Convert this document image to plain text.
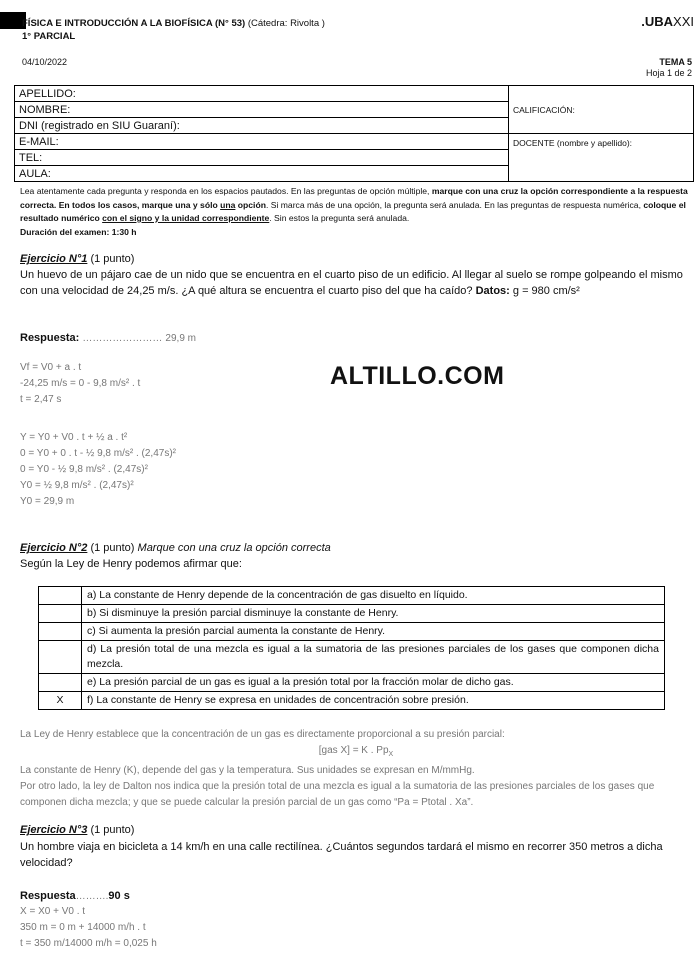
FÍSICA E INTRODUCCIÓN A LA BIOFÍSICA (N° 53) (Cátedra: Rivolta )
1° PARCIAL
.UBAXXI
04/10/2022	TEMA 5
Hoja 1 de 2
APELLIDO:	CALIFICACIÓN:
NOMBRE:	
DNI (registrado en SIU Guaraní):	
E-MAIL:	DOCENTE (nombre y apellido):
TEL:	
AULA:	
Lea atentamente cada pregunta y responda en los espacios pautados. En las preguntas de opción múltiple, marque con una cruz la opción correspondiente a la respuesta correcta. En todos los casos, marque una y sólo una opción. Si marca más de una opción, la pregunta será anulada. En las preguntas de respuesta numérica, coloque el resultado numérico con el signo y la unidad correspondiente. Sin estos la pregunta será anulada.
Duración del examen: 1:30 h
Ejercicio N°1 (1 punto)
Un huevo de un pájaro cae de un nido que se encuentra en el cuarto piso de un edificio. Al llegar al suelo se rompe golpeando el mismo con una velocidad de 24,25 m/s. ¿A qué altura se encuentra el cuarto piso del que ha caído? Datos: g = 980 cm/s²
Respuesta: …………………… 29,9 m
Vf = V0 + a . t
-24,25 m/s = 0 - 9,8 m/s² . t
t = 2,47 s
ALTILLO.COM
Y = Y0 + V0 . t + ½ a . t²
0 = Y0 + 0 . t - ½ 9,8 m/s² . (2,47s)²
0 = Y0 - ½ 9,8 m/s² . (2,47s)²
Y0 = ½ 9,8 m/s² . (2,47s)²
Y0 = 29,9 m
Ejercicio N°2 (1 punto) Marque con una cruz la opción correcta
Según la Ley de Henry podemos afirmar que:
	a) La constante de Henry depende de la concentración de gas disuelto en líquido.
	b) Si disminuye la presión parcial disminuye la constante de Henry.
	c) Si aumenta la presión parcial aumenta la constante de Henry.
	d) La presión total de una mezcla es igual a la sumatoria de las presiones parciales de los gases que componen dicha mezcla.
	e) La presión parcial de un gas es igual a la presión total por la fracción molar de dicho gas.
X	f) La constante de Henry se expresa en unidades de concentración sobre presión.
La Ley de Henry establece que la concentración de un gas es directamente proporcional a su presión parcial:
[gas X] = K . $Pp_X$
La constante de Henry (K), depende del gas y la temperatura. Sus unidades se expresan en M/mmHg.
Por otro lado, la ley de Dalton nos indica que la presión total de una mezcla es igual a la sumatoria de las presiones parciales de los gases que componen dicha mezcla; y que se puede calcular la presión parcial de un gas como “Pa = Ptotal . Xa”.
Ejercicio N°3 (1 punto)
Un hombre viaja en bicicleta a 14 km/h en una calle rectilínea. ¿Cuántos segundos tardará el mismo en recorrer 350 metros a dicha velocidad?
Respuesta……….90 s
X = X0 + V0 . t
350 m = 0 m + 14000 m/h . t
t = 350 m/14000 m/h = 0,025 h
